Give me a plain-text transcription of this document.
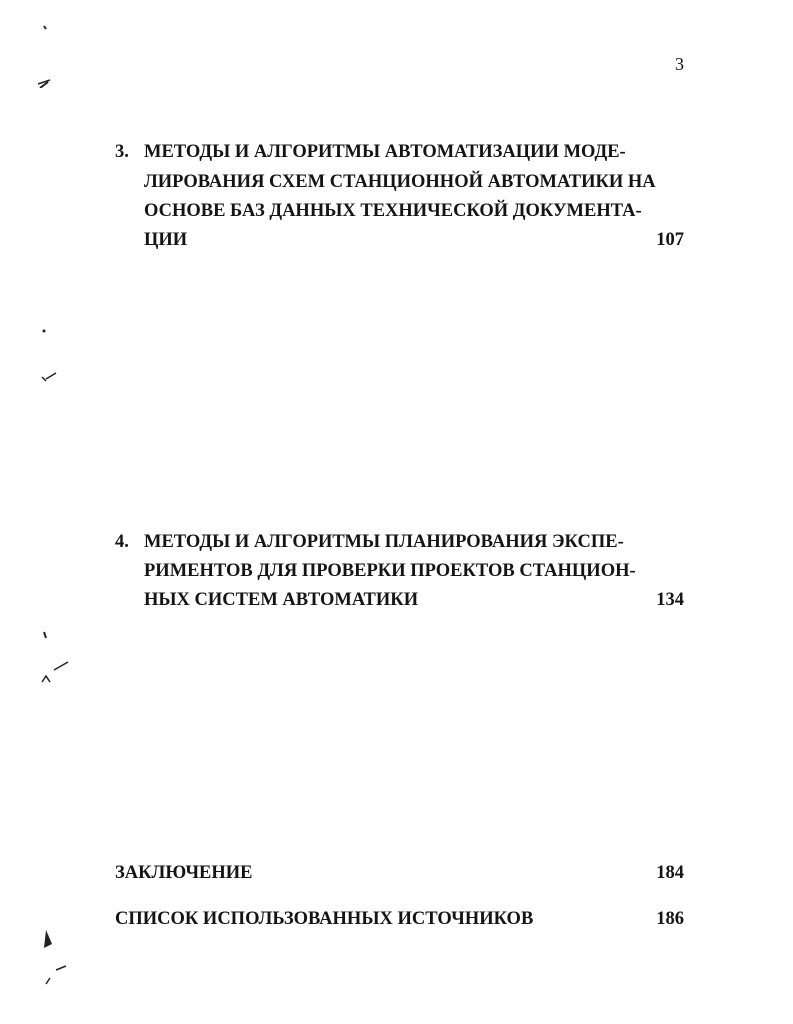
3
3. МЕТОДЫ И АЛГОРИТМЫ АВТОМАТИЗАЦИИ МОДЕ-
ЛИРОВАНИЯ СХЕМ СТАНЦИОННОЙ АВТОМАТИКИ НА
ОСНОВЕ БАЗ ДАННЫХ ТЕХНИЧЕСКОЙ ДОКУМЕНТА-
ЦИИ	107
4. МЕТОДЫ И АЛГОРИТМЫ ПЛАНИРОВАНИЯ ЭКСПЕ-
РИМЕНТОВ ДЛЯ ПРОВЕРКИ ПРОЕКТОВ СТАНЦИОН-
НЫХ СИСТЕМ АВТОМАТИКИ	134
ЗАКЛЮЧЕНИЕ	184
СПИСОК ИСПОЛЬЗОВАННЫХ ИСТОЧНИКОВ	186
